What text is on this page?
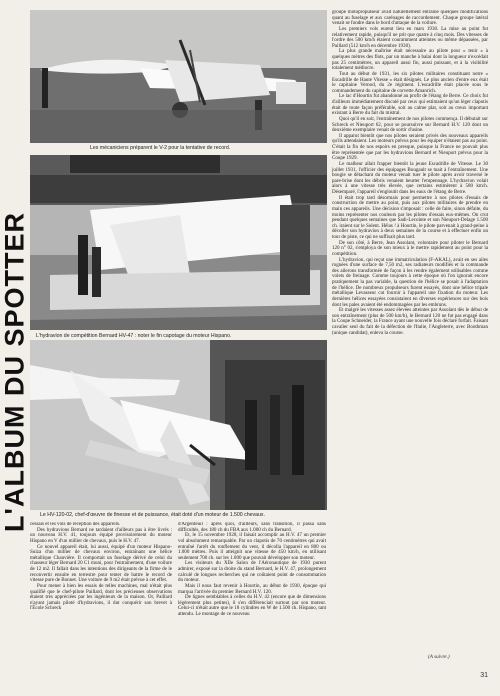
L'ALBUM DU SPOTTER
Les mécaniciens préparent le V-2 pour la tentative de record.
L'hydravion de compétition Bernard HV-47 : noter le fin capotage du moteur Hispano.
Le HV-120-02, chef-d'œuvre de finesse et de puissance, était doté d'un moteur de 1.500 chevaux.

groupe motopropulseur avait naturellement entraîné quelques modifications quant au fuselage et aux carénages de raccordement. Chaque groupe latéral venait se fondre dans le bord d'attaque de la voilure.

Les premiers vols eurent lieu en mars 1930. La mise au point fut relativement rapide, puisqu'il ne prit que quatre à cinq mois. Des vitesses de l'ordre des 500 km/h étaient couramment atteintes ou même dépassées, par Paillard (512 km/h en décembre 1930).

La plus grande maîtrise était nécessaire au pilote pour « tenir » à quelques mètres des flots, par un manche à balai dont la longueur n'excédait pas 25 centimètres, un appareil aussi fin, aussi puissant, et à la visibilité totalement médiocre.

Tout au début de 1931, les six pilotes militaires constituant notre « Escadrille de Haute Vitesse » était désignés. Le plus ancien d'entre eux était le capitaine Vernod, du 2e régiment. L'escadrille était placée sous le commandement du capitaine de corvette Amanrich.

Le lac d'Hourtin fut abandonné au profit de l'étang de Berre. Ce choix fut d'ailleurs immédiatement discuté par ceux qui estimaient qu'un léger clapotis était de toute façon préférable, soit au calme plat, soit au creux important existant à Berre du fait du mistral.

Quoi qu'il en soit, l'entraînement de nos pilotes commença. Il débutait sur Schreck et Nieuport 62, pour se poursuivre sur Bernard H.V. 120 dont un deuxième exemplaire venait de sortir d'usine.

Il apparut bientôt que nos pilotes seraient privés des nouveaux appareils qu'ils attendaient. Les moteurs prévus pour les équiper n'étaient pas au point. C'était la fin de nos espoirs en presque, puisque la France ne pouvait plus être représentée que par les hydravions Bernard et Nieuport prévus pour la Coupe 1929.

Le malheur allait frapper bientôt la jeune Escadrille de Vitesse. Le 30 juillet 1931, l'officier des équipages Bougault se tuait à l'entraînement. Une bougie se détachant du moteur venait tuer le pilote après avoir traversé le pare-brise dont les débris venaient heurter l'empennage. L'hydravion volait alors à une vitesse très élevée, que certains estimèrent à 580 km/h. Désemparé, l'appareil s'engloutit dans les eaux de l'étang de Berre.

Il était trop tard désormais pour permettre à nos pilotes d'essais de construction de mettre au point, puis aux pilotes militaires de prendre en main ces appareils. Une décision s'imposait : celle de faire, sinon défaite, du moins représenter nos couleurs par les pilotes d'essais eux-mêmes. On crut pendant quelques semaines que Sadi-Lecointe et son Nieuport-Delage 1.500 ch. iraient sur le Solent. Hélas ! à Hourtin, le pilote parvenait à grand-peine à décoller son hydravion à deux semaines de la course et à effectuer enfin un tour de piste, ce qui ne suffisait plus tard.

De son côté, à Berre, Jean Assolant, volontaire pour piloter le Bernard 120 n° 02, s'employa de son mieux à le mettre rapidement au point pour la compétition.

L'hydravion, qui reçut une immatriculation (F-AKAL), avait en ses ailes rognées d'une surface de 7,50 m2, ses radiateurs modifiés et la commande des ailerons transformée de façon à les rendre également utilisables comme volets de freinage. Comme toujours à cette époque où l'on ignorait encore pratiquement la pas variable, la question de l'hélice se posait à l'adaptation de l'hélice. De nombreux propulseurs furent essayés, dont une hélice tripale métallique Levasseur cut fournir à l'appareil une fixation du moteur. Les dernières hélices essayées consistaient en diverses expériences sur des bois dont les pales avaient été endommagées par les embruns.

Et malgré les vitesses assez élevées atteintes par Assolant dès le début de son entraînement (plus de 500 km/h), le Bernard 120 ne fut pas engagé dans la Coupe Schneider, la France ayant une nouvelle fois déclaré forfait. Faisant cavalier seul du fait de la défection de l'Italie, l'Angleterre, avec Boothman (unique candidat), enleva la course.

cessais et les vols de réception des appareils.

Des hydravions Bernard ne tardaient d'ailleurs pas à être livrés : un nouveau H.V. 41, toujours équipé provisoirement du moteur Hispano en V d'un millier de chevaux, puis le H.V. 47.

Ce nouvel appareil était, lui aussi, équipé d'un moteur Hispano-Suiza d'un millier de chevaux environ, entraînant une hélice métallique Chauvière. Il comportait un fuselage dérivé de celui du chasseur léger Bernard 20 C1 muni, pour l'entraînement, d'une voilure de 12 m2. Il fallait dans les intentions des dirigeants de la firme de le reconvertir ensuite en terrestre pour tenter de battre le record de vitesse pure de Bonnet. Une voiture de 9 m2 était prévue à cet effet.

Pour mener à bien les essais de telles machines, mal n'était plus qualifié que le chef-pilote Paillard, dont les précieuses observations étaient très appréciées par les ingénieurs de la maison. Or, Paillard n'ayant jamais piloté d'hydravions, il dut conquérir son brevet à l'École Schreck

d'Argenteuil : après quoi, d'ailleurs, sans transition, il passa sans difficultés, des 180 ch du FBA aux 1.000 ch du Bernard.

Et, le 15 novembre 1928, il faisait accomplir au H.V. 47 un premier vol absolument remarquable. Par un clapotis de 70 centimètres qui avait entraîné l'arrêt du ronflement du vent, il décolla l'appareil en 800 ou 1.000 mètres. Puis il atteignit une vitesse de 450 km/h, en utilisant seulement 700 ch. sur les 1.000 que pouvait développer son moteur.

Les visiteurs du XIIe Salon de l'Aéronautique de 1930 purent admirer, exposé sur la droite du stand Bernard, le H.V. 47, prolongement calculé de longues recherches qui ne coûtaient point de consommation du moteur.

Mais il nous faut revenir à Hourtin, au début de 1930, époque qui marqua l'arrivée du premier Bernard H.V. 120.

De lignes semblables à celles du H.V. 42 (encore que de dimensions légèrement plus petites), il s'en différenciait surtout par son moteur. Celui-ci n'était autre que le 18 cylindres en W de 1.500 ch. Hispano, tant attendu. Le montage de ce nouveau

(A suivre.)
31
